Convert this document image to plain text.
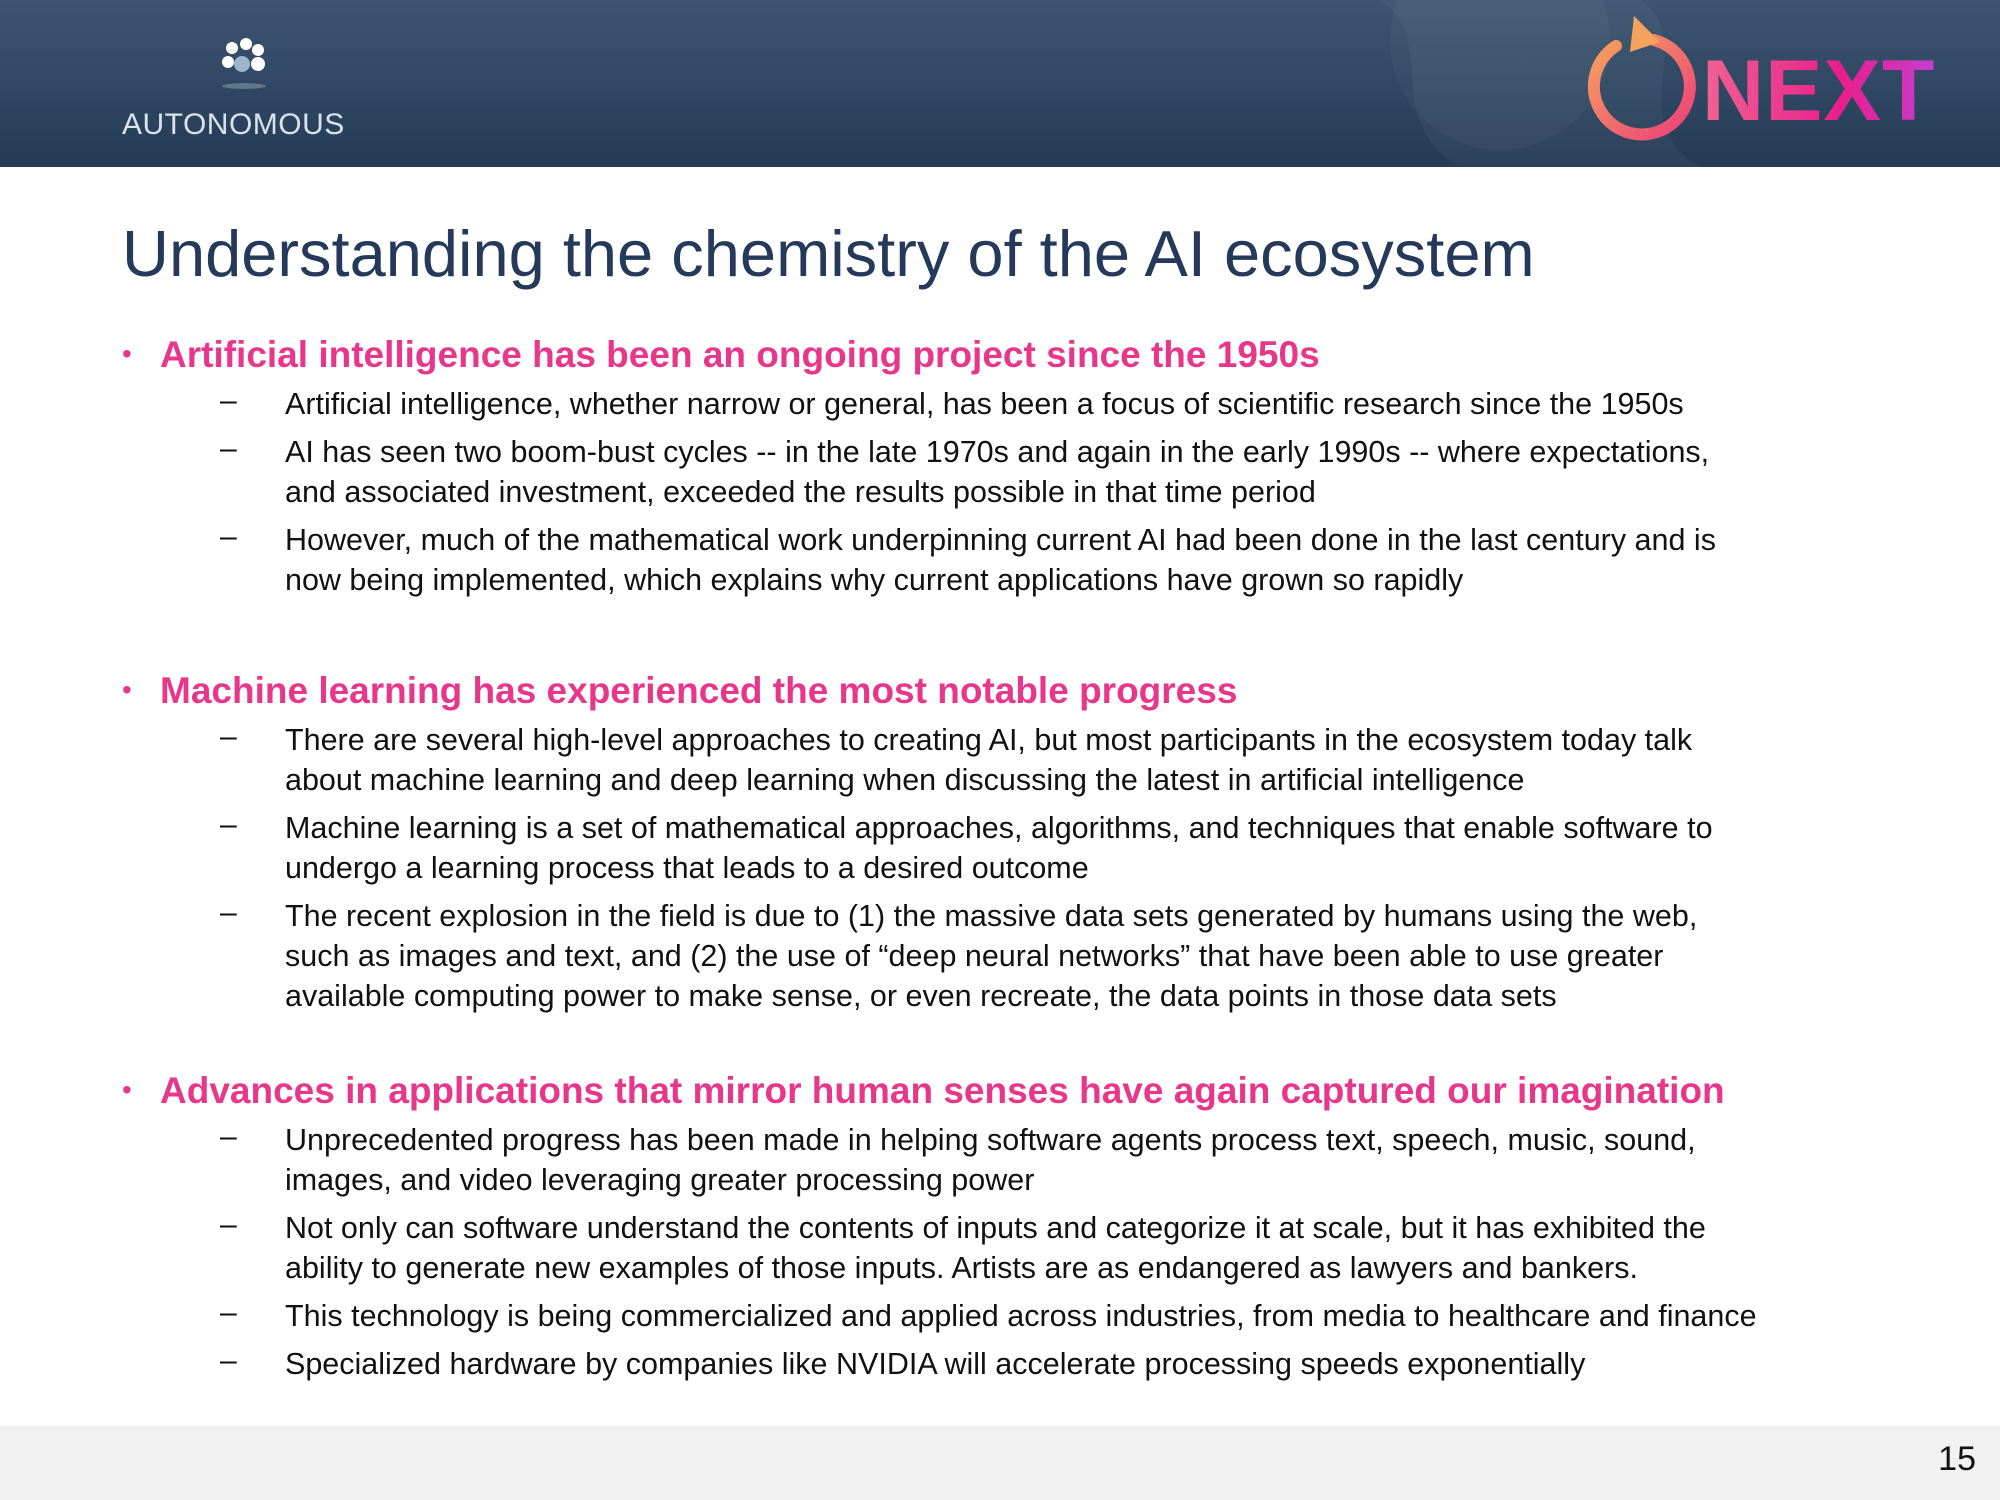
AUTONOMOUS	NEXT
Understanding the chemistry of the AI ecosystem
• Artificial intelligence has been an ongoing project since the 1950s
– Artificial intelligence, whether narrow or general, has been a focus of scientific research since the 1950s
– AI has seen two boom-bust cycles -- in the late 1970s and again in the early 1990s -- where expectations,
and associated investment, exceeded the results possible in that time period
– However, much of the mathematical work underpinning current AI had been done in the last century and is
now being implemented, which explains why current applications have grown so rapidly
• Machine learning has experienced the most notable progress
– There are several high-level approaches to creating AI, but most participants in the ecosystem today talk
about machine learning and deep learning when discussing the latest in artificial intelligence
– Machine learning is a set of mathematical approaches, algorithms, and techniques that enable software to
undergo a learning process that leads to a desired outcome
– The recent explosion in the field is due to (1) the massive data sets generated by humans using the web,
such as images and text, and (2) the use of “deep neural networks” that have been able to use greater
available computing power to make sense, or even recreate, the data points in those data sets
• Advances in applications that mirror human senses have again captured our imagination
– Unprecedented progress has been made in helping software agents process text, speech, music, sound,
images, and video leveraging greater processing power
– Not only can software understand the contents of inputs and categorize it at scale, but it has exhibited the
ability to generate new examples of those inputs. Artists are as endangered as lawyers and bankers.
– This technology is being commercialized and applied across industries, from media to healthcare and finance
– Specialized hardware by companies like NVIDIA will accelerate processing speeds exponentially
15
